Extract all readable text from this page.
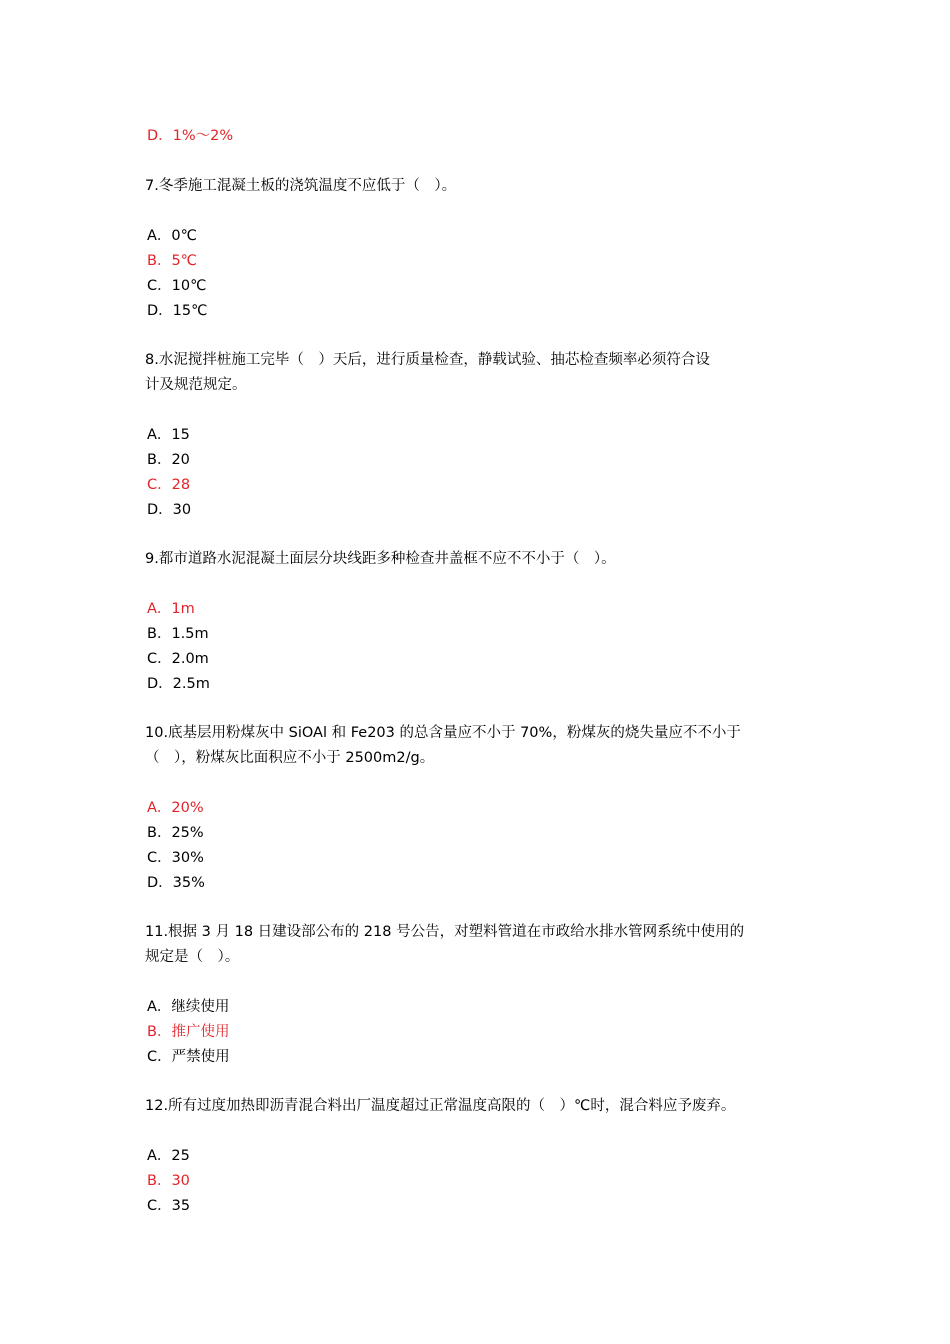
D．1%～2%
7.冬季施工混凝土板的浇筑温度不应低于（　）。
A．0℃
B．5℃
C．10℃
D．15℃
8.水泥搅拌桩施工完毕（　）天后，进行质量检查，静载试验、抽芯检查频率必须符合设
计及规范规定。
A．15
B．20
C．28
D．30
9.都市道路水泥混凝土面层分块线距多种检查井盖框不应不不小于（　）。
A．1m
B．1.5m
C．2.0m
D．2.5m
10.底基层用粉煤灰中 SiOAl 和 Fe203 的总含量应不小于 70%，粉煤灰的烧失量应不不小于
（　），粉煤灰比面积应不小于 2500m2/g。
A．20%
B．25%
C．30%
D．35%
11.根据 3 月 18 日建设部公布的 218 号公告，对塑料管道在市政给水排水管网系统中使用的
规定是（　）。
A．继续使用
B．推广使用
C．严禁使用
12.所有过度加热即沥青混合料出厂温度超过正常温度高限的（　）℃时，混合料应予废弃。
A．25
B．30
C．35
